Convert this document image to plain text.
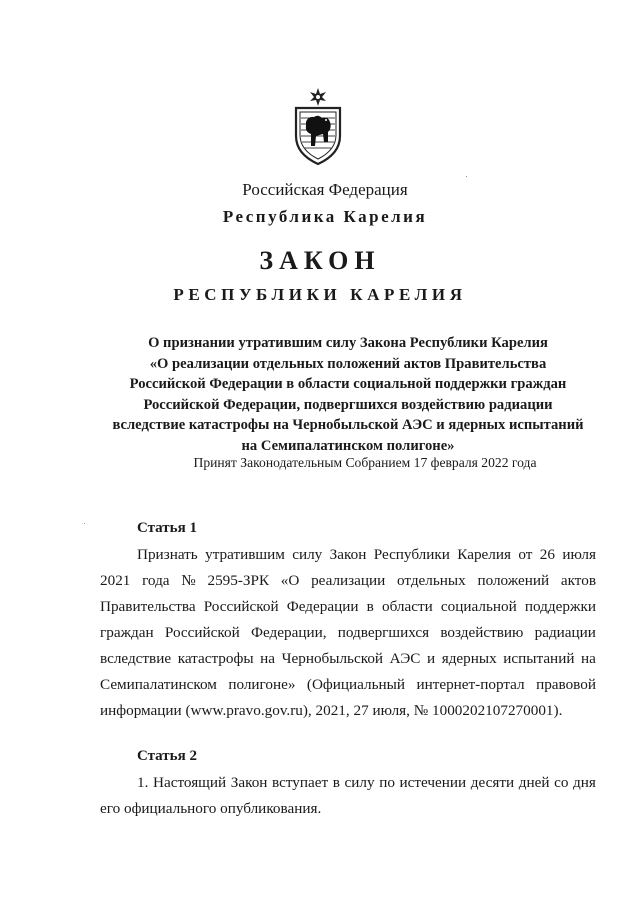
Российская Федерация
Республика Карелия
ЗАКОН
РЕСПУБЛИКИ КАРЕЛИЯ
О признании утратившим силу Закона Республики Карелия
«О реализации отдельных положений актов Правительства
Российской Федерации в области социальной поддержки граждан
Российской Федерации, подвергшихся воздействию радиации
вследствие катастрофы на Чернобыльской АЭС и ядерных испытаний
на Семипалатинском полигоне»
Принят Законодательным Собранием 17 февраля 2022 года
Статья 1
Признать утратившим силу Закон Республики Карелия от 26 июля
2021 года № 2595-ЗРК «О реализации отдельных положений актов
Правительства Российской Федерации в области социальной поддержки
граждан Российской Федерации, подвергшихся воздействию радиации
вследствие катастрофы на Чернобыльской АЭС и ядерных испытаний на
Семипалатинском полигоне» (Официальный интернет-портал правовой
информации (www.pravo.gov.ru), 2021, 27 июля, № 1000202107270001).
Статья 2
1. Настоящий Закон вступает в силу по истечении десяти дней со дня
его официального опубликования.
